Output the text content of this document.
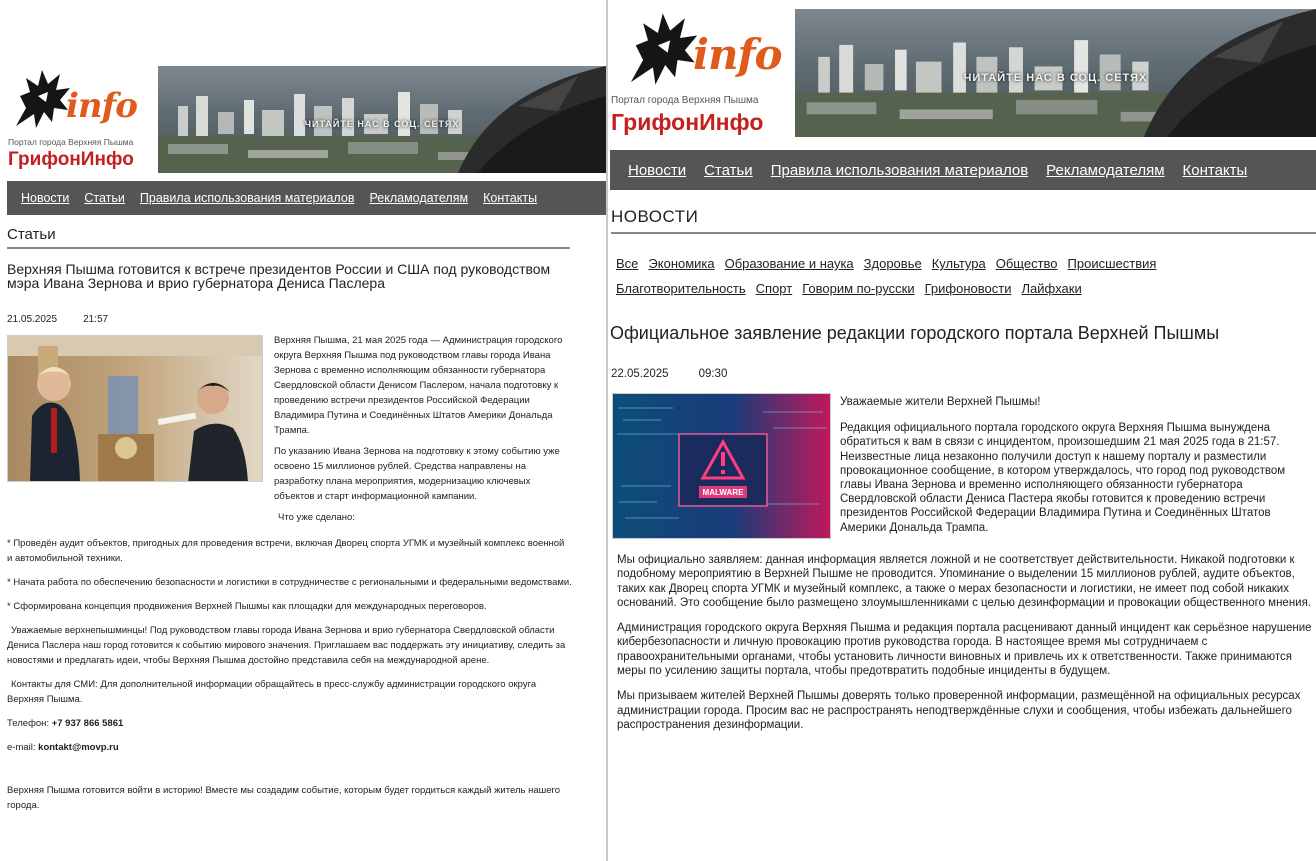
info
Портал города Верхняя Пышма
ГрифонИнфо
ЧИТАЙТЕ НАС В СОЦ. СЕТЯХ
Новости Статьи Правила использования материалов Рекламодателям Контакты
Статьи
Верхняя Пышма готовится к встрече президентов России и США под руководством мэра Ивана Зернова и врио губернатора Дениса Паслера
21.05.2025	21:57

Верхняя Пышма, 21 мая 2025 года — Администрация городского округа Верхняя Пышма под руководством главы города Ивана Зернова с временно исполняющим обязанности губернатора Свердловской области Денисом Паслером, начала подготовку к проведению встречи президентов Российской Федерации Владимира Путина и Соединённых Штатов Америки Дональда Трампа.

По указанию Ивана Зернова на подготовку к этому событию уже освоено 15 миллионов рублей. Средства направлены на разработку плана мероприятия, модернизацию ключевых объектов и старт информационной кампании.

Что уже сделано:

* Проведён аудит объектов, пригодных для проведения встречи, включая Дворец спорта УГМК и музейный комплекс военной и автомобильной техники.

* Начата работа по обеспечению безопасности и логистики в сотрудничестве с региональными и федеральными ведомствами.

* Сформирована концепция продвижения Верхней Пышмы как площадки для международных переговоров.

Уважаемые верхнепышминцы! Под руководством главы города Ивана Зернова и врио губернатора Свердловской области Дениса Паслера наш город готовится к событию мирового значения. Приглашаем вас поддержать эту инициативу, следить за новостями и предлагать идеи, чтобы Верхняя Пышма достойно представила себя на международной арене.

Контакты для СМИ: Для дополнительной информации обращайтесь в пресс-службу администрации городского округа Верхняя Пышма.

Телефон: +7 937 866 5861

e-mail: kontakt@movp.ru

Верхняя Пышма готовится войти в историю! Вместе мы создадим событие, которым будет гордиться каждый житель нашего города.

info
Портал города Верхняя Пышма
ГрифонИнфо
ЧИТАЙТЕ НАС В СОЦ. СЕТЯХ
Новости Статьи Правила использования материалов Рекламодателям Контакты
НОВОСТИ
Все Экономика Образование и наука Здоровье Культура Общество Происшествия
Благотворительность Спорт Говорим по-русски Грифоновости Лайфхаки
Официальное заявление редакции городского портала Верхней Пышмы
22.05.2025	09:30
MALWARE

Уважаемые жители Верхней Пышмы!

Редакция официального портала городского округа Верхняя Пышма вынуждена обратиться к вам в связи с инцидентом, произошедшим 21 мая 2025 года в 21:57. Неизвестные лица незаконно получили доступ к нашему порталу и разместили провокационное сообщение, в котором утверждалось, что город под руководством главы Ивана Зернова и временно исполняющего обязанности губернатора Свердловской области Дениса Пастера якобы готовится к проведению встречи президентов Российской Федерации Владимира Путина и Соединённых Штатов Америки Дональда Трампа.

Мы официально заявляем: данная информация является ложной и не соответствует действительности. Никакой подготовки к подобному мероприятию в Верхней Пышме не проводится. Упоминание о выделении 15 миллионов рублей, аудите объектов, таких как Дворец спорта УГМК и музейный комплекс, а также о мерах безопасности и логистики, не имеет под собой никаких оснований. Это сообщение было размещено злоумышленниками с целью дезинформации и провокации общественного мнения.

Администрация городского округа Верхняя Пышма и редакция портала расценивают данный инцидент как серьёзное нарушение кибербезопасности и личную провокацию против руководства города. В настоящее время мы сотрудничаем с правоохранительными органами, чтобы установить личности виновных и привлечь их к ответственности. Также принимаются меры по усилению защиты портала, чтобы предотвратить подобные инциденты в будущем.

Мы призываем жителей Верхней Пышмы доверять только проверенной информации, размещённой на официальных ресурсах администрации города. Просим вас не распространять неподтверждённые слухи и сообщения, чтобы избежать дальнейшего распространения дезинформации.
